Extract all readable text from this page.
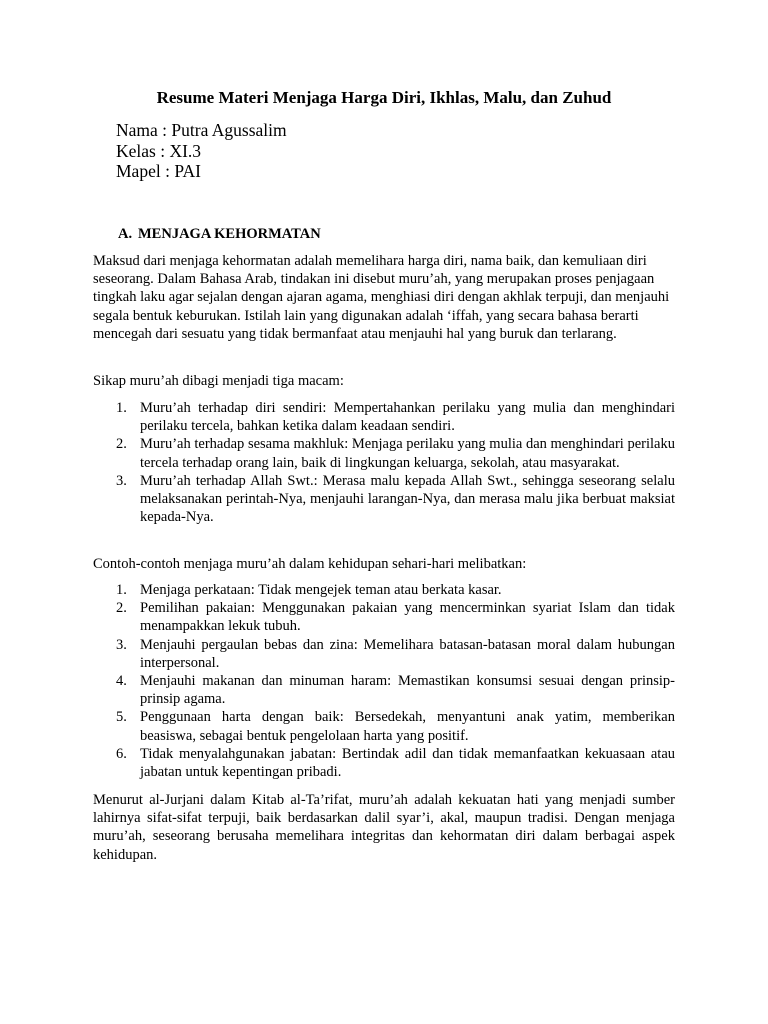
Resume Materi Menjaga Harga Diri, Ikhlas, Malu, dan Zuhud
Nama : Putra Agussalim
Kelas : XI.3
Mapel : PAI
A. MENJAGA KEHORMATAN
Maksud dari menjaga kehormatan adalah memelihara harga diri, nama baik, dan kemuliaan diri seseorang. Dalam Bahasa Arab, tindakan ini disebut muru’ah, yang merupakan proses penjagaan tingkah laku agar sejalan dengan ajaran agama, menghiasi diri dengan akhlak terpuji, dan menjauhi segala bentuk keburukan. Istilah lain yang digunakan adalah ‘iffah, yang secara bahasa berarti mencegah dari sesuatu yang tidak bermanfaat atau menjauhi hal yang buruk dan terlarang.
Sikap muru’ah dibagi menjadi tiga macam:
1. Muru’ah terhadap diri sendiri: Mempertahankan perilaku yang mulia dan menghindari perilaku tercela, bahkan ketika dalam keadaan sendiri.
2. Muru’ah terhadap sesama makhluk: Menjaga perilaku yang mulia dan menghindari perilaku tercela terhadap orang lain, baik di lingkungan keluarga, sekolah, atau masyarakat.
3. Muru’ah terhadap Allah Swt.: Merasa malu kepada Allah Swt., sehingga seseorang selalu melaksanakan perintah-Nya, menjauhi larangan-Nya, dan merasa malu jika berbuat maksiat kepada-Nya.
Contoh-contoh menjaga muru’ah dalam kehidupan sehari-hari melibatkan:
1. Menjaga perkataan: Tidak mengejek teman atau berkata kasar.
2. Pemilihan pakaian: Menggunakan pakaian yang mencerminkan syariat Islam dan tidak menampakkan lekuk tubuh.
3. Menjauhi pergaulan bebas dan zina: Memelihara batasan-batasan moral dalam hubungan interpersonal.
4. Menjauhi makanan dan minuman haram: Memastikan konsumsi sesuai dengan prinsip-prinsip agama.
5. Penggunaan harta dengan baik: Bersedekah, menyantuni anak yatim, memberikan beasiswa, sebagai bentuk pengelolaan harta yang positif.
6. Tidak menyalahgunakan jabatan: Bertindak adil dan tidak memanfaatkan kekuasaan atau jabatan untuk kepentingan pribadi.
Menurut al-Jurjani dalam Kitab al-Ta’rifat, muru’ah adalah kekuatan hati yang menjadi sumber lahirnya sifat-sifat terpuji, baik berdasarkan dalil syar’i, akal, maupun tradisi. Dengan menjaga muru’ah, seseorang berusaha memelihara integritas dan kehormatan diri dalam berbagai aspek kehidupan.
